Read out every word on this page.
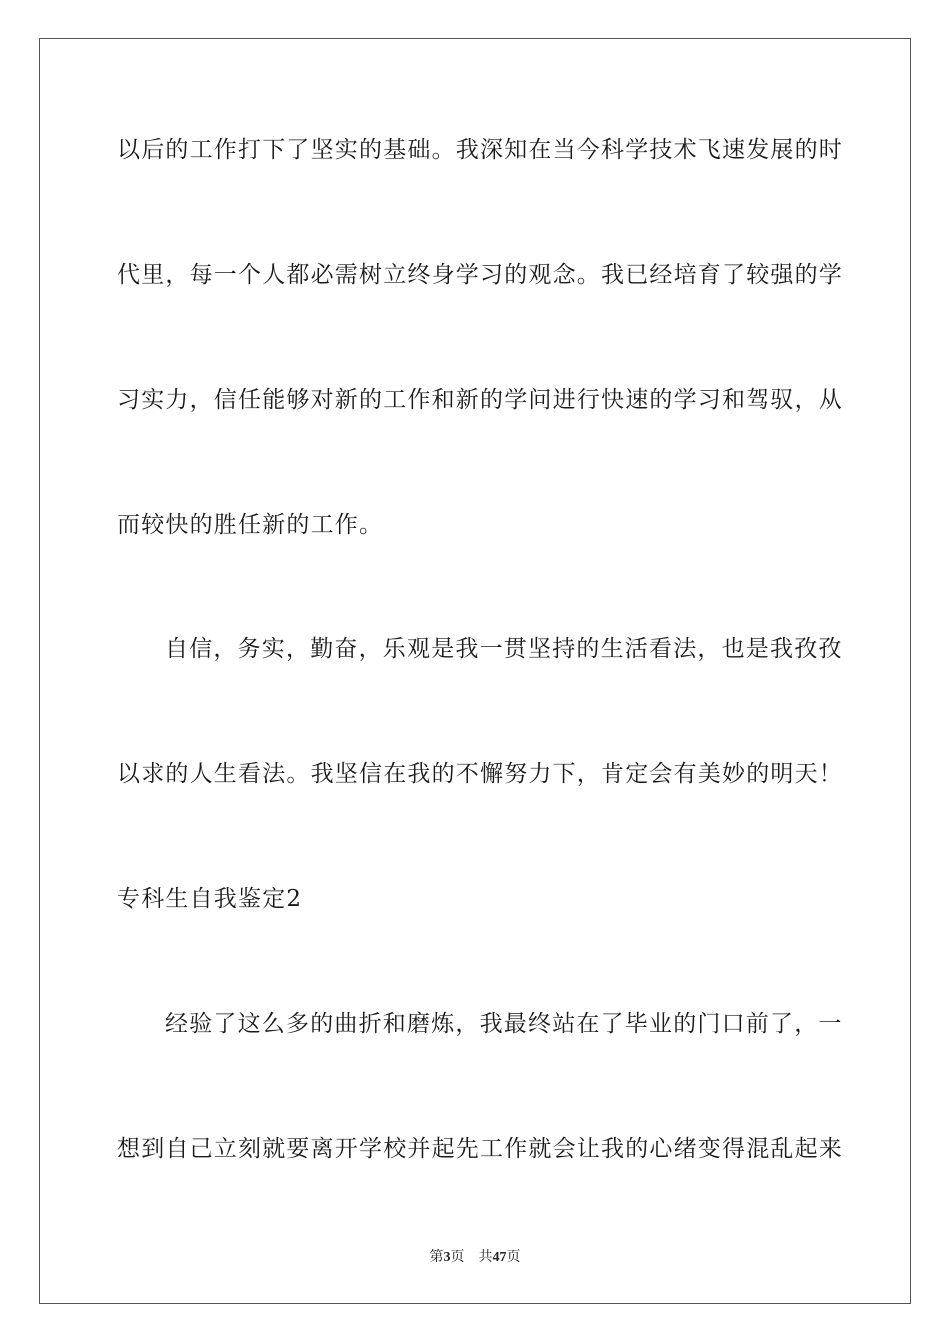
以后的工作打下了坚实的基础。我深知在当今科学技术飞速发展的时
代里，每一个人都必需树立终身学习的观念。我已经培育了较强的学
习实力，信任能够对新的工作和新的学问进行快速的学习和驾驭，从
而较快的胜任新的工作。
自信，务实，勤奋，乐观是我一贯坚持的生活看法，也是我孜孜
以求的人生看法。我坚信在我的不懈努力下，肯定会有美妙的明天！
专科生自我鉴定2
经验了这么多的曲折和磨炼，我最终站在了毕业的门口前了，一
想到自己立刻就要离开学校并起先工作就会让我的心绪变得混乱起来
第3页 共47页
